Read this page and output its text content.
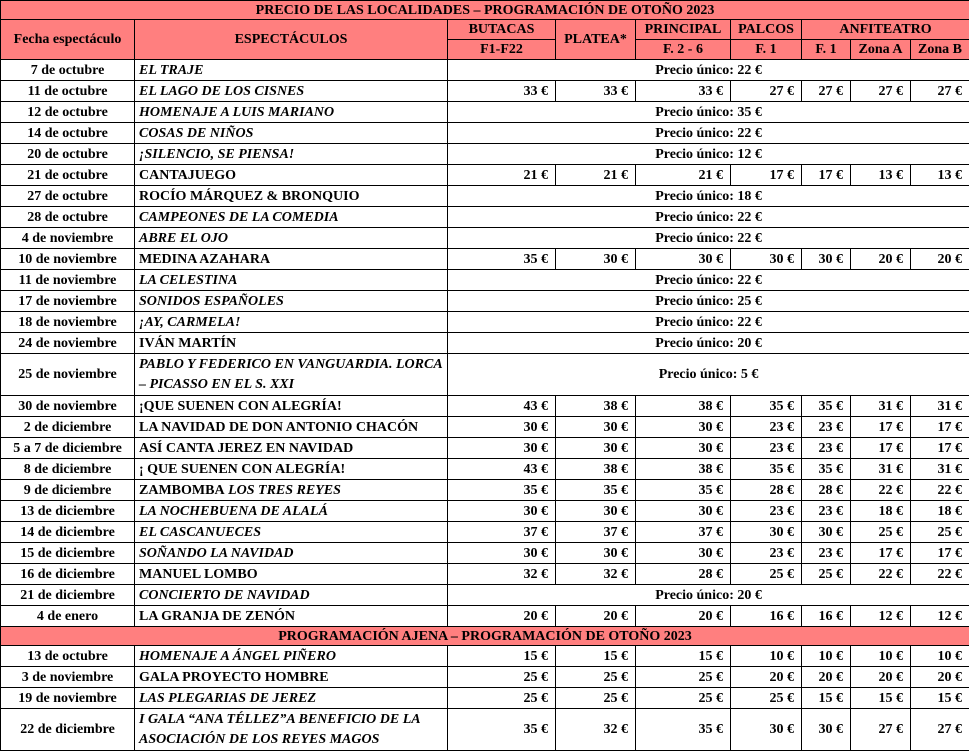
PRECIO DE LAS LOCALIDADES – PROGRAMACIÓN DE OTOÑO 2023								
Fecha espectáculo	ESPECTÁCULOS	BUTACAS	PLATEA*	PRINCIPAL	PALCOS	ANFITEATRO		
		F1-F22		F. 2 - 6	F. 1	F. 1	Zona A	Zona B
7 de octubre	EL TRAJE	Precio único: 22 €						
11 de octubre	EL LAGO DE LOS CISNES	33 €	33 €	33 €	27 €	27 €	27 €	27 €
12 de octubre	HOMENAJE A LUIS MARIANO	Precio único: 35 €						
14 de octubre	COSAS DE NIÑOS	Precio único: 22 €						
20 de octubre	¡SILENCIO, SE PIENSA!	Precio único: 12 €						
21 de octubre	CANTAJUEGO	21 €	21 €	21 €	17 €	17 €	13 €	13 €
27 de octubre	ROCÍO MÁRQUEZ & BRONQUIO	Precio único: 18 €						
28 de octubre	CAMPEONES DE LA COMEDIA	Precio único: 22 €						
4 de noviembre	ABRE EL OJO	Precio único: 22 €						
10 de noviembre	MEDINA AZAHARA	35 €	30 €	30 €	30 €	30 €	20 €	20 €
11 de noviembre	LA CELESTINA	Precio único: 22 €						
17 de noviembre	SONIDOS ESPAÑOLES	Precio único: 25 €						
18 de noviembre	¡AY, CARMELA!	Precio único: 22 €						
24 de noviembre	IVÁN MARTÍN	Precio único: 20 €						
25 de noviembre	PABLO Y FEDERICO EN VANGUARDIA. LORCA – PICASSO EN EL S. XXI	Precio único: 5 €						
30 de noviembre	¡QUE SUENEN CON ALEGRÍA!	43 €	38 €	38 €	35 €	35 €	31 €	31 €
2 de diciembre	LA NAVIDAD DE DON ANTONIO CHACÓN	30 €	30 €	30 €	23 €	23 €	17 €	17 €
5 a 7 de diciembre	ASÍ CANTA JEREZ EN NAVIDAD	30 €	30 €	30 €	23 €	23 €	17 €	17 €
8 de diciembre	¡ QUE SUENEN CON ALEGRÍA!	43 €	38 €	38 €	35 €	35 €	31 €	31 €
9 de diciembre	ZAMBOMBA LOS TRES REYES	35 €	35 €	35 €	28 €	28 €	22 €	22 €
13 de diciembre	LA NOCHEBUENA DE ALALÁ	30 €	30 €	30 €	23 €	23 €	18 €	18 €
14 de diciembre	EL CASCANUECES	37 €	37 €	37 €	30 €	30 €	25 €	25 €
15 de diciembre	SOÑANDO LA NAVIDAD	30 €	30 €	30 €	23 €	23 €	17 €	17 €
16 de diciembre	MANUEL LOMBO	32 €	32 €	28 €	25 €	25 €	22 €	22 €
21 de diciembre	CONCIERTO DE NAVIDAD	Precio único: 20 €						
4 de enero	LA GRANJA DE ZENÓN	20 €	20 €	20 €	16 €	16 €	12 €	12 €
PROGRAMACIÓN AJENA – PROGRAMACIÓN DE OTOÑO 2023								
13 de octubre	HOMENAJE A ÁNGEL PIÑERO	15 €	15 €	15 €	10 €	10 €	10 €	10 €
3 de noviembre	GALA PROYECTO HOMBRE	25 €	25 €	25 €	20 €	20 €	20 €	20 €
19 de noviembre	LAS PLEGARIAS DE JEREZ	25 €	25 €	25 €	25 €	15 €	15 €	15 €
22 de diciembre	I GALA “ANA TÉLLEZ”A BENEFICIO DE LA ASOCIACIÓN DE LOS REYES MAGOS	35 €	32 €	35 €	30 €	30 €	27 €	27 €
